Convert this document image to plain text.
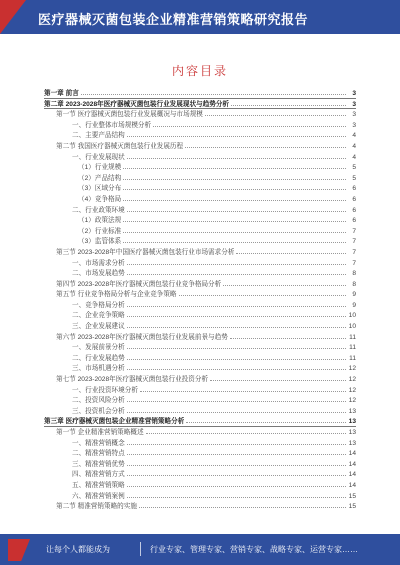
医疗器械灭菌包装企业精准营销策略研究报告
内容目录
第一章 前言	3
第二章 2023-2028年医疗器械灭菌包装行业发展现状与趋势分析	3
第一节 医疗器械灭菌包装行业发展概况与市场规模	3
一、行业整体市场规模分析	3
二、主要产品结构	4
第二节 我国医疗器械灭菌包装行业发展历程	4
一、行业发展现状	4
（1）行业规模	5
（2）产品结构	5
（3）区域分布	6
（4）竞争格局	6
二、行业政策环境	6
（1）政策法规	6
（2）行业标准	7
（3）监管体系	7
第三节 2023-2028年中国医疗器械灭菌包装行业市场需求分析	7
一、市场需求分析	7
二、市场发展趋势	8
第四节 2023-2028年医疗器械灭菌包装行业竞争格局分析	8
第五节 行业竞争格局分析与企业竞争策略	9
一、竞争格局分析	9
二、企业竞争策略	10
三、企业发展建议	10
第六节 2023-2028年医疗器械灭菌包装行业发展前景与趋势	11
一、发展前景分析	11
二、行业发展趋势	11
三、市场机遇分析	12
第七节 2023-2028年医疗器械灭菌包装行业投资分析	12
一、行业投资环境分析	12
二、投资风险分析	12
三、投资机会分析	13
第三章 医疗器械灭菌包装企业精准营销策略分析	13
第一节 企业精准营销策略概述	13
一、精准营销概念	13
二、精准营销特点	14
三、精准营销优势	14
四、精准营销方式	14
五、精准营销策略	14
六、精准营销案例	15
第二节 精准营销策略的实施	15
让每个人都能成为	行业专家、管理专家、营销专家、战略专家、运营专家……
